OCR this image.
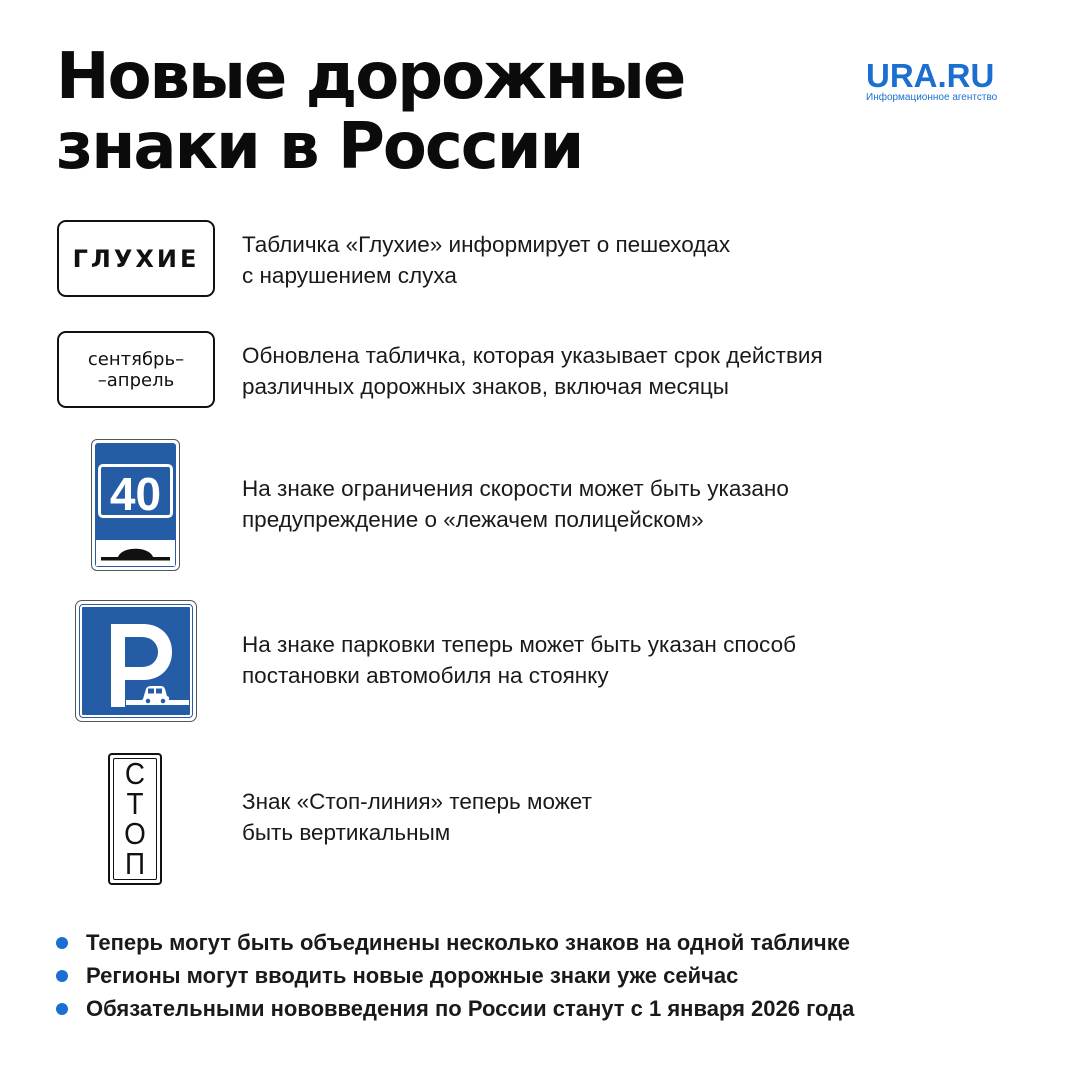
Новые дорожные
знаки в России
URA.RU
Информационное агентство
ГЛУХИЕ Табличка «Глухие» информирует о пешеходах
с нарушением слуха
сентябрь–
–апрель
Обновлена табличка, которая указывает срок действия
различных дорожных знаков, включая месяцы
40	На знаке ограничения скорости может быть указано
предупреждение о «лежачем полицейском»
На знаке парковки теперь может быть указан способ
постановки автомобиля на стоянку
С
Т
О
П
Знак «Стоп-линия» теперь может
быть вертикальным
Теперь могут быть объединены несколько знаков на одной табличке
Регионы могут вводить новые дорожные знаки уже сейчас
Обязательными нововведения по России станут с 1 января 2026 года
